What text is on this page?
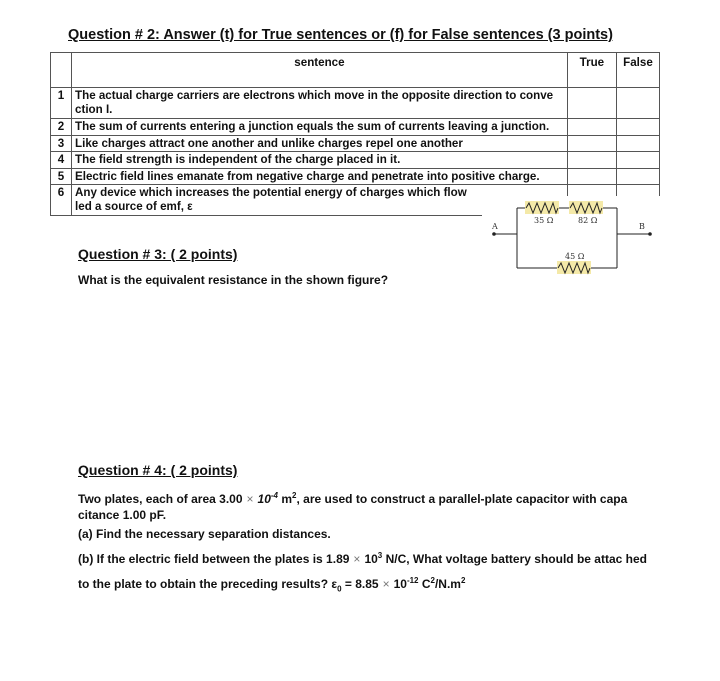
Question # 2: Answer (t) for True sentences or (f) for False sentences (3 points)
	sentence	True	False
1	The actual charge carriers are electrons which move in the opposite direction to conve ction I.		
2	The sum of currents entering a junction equals the sum of currents leaving a junction.		
3	Like charges attract one another and unlike charges repel one another		
4	The field strength is independent of the charge placed in it.		
5	Electric field lines emanate from negative charge and penetrate into positive charge.		
6	Any device which increases the potential energy of charges which flow led a source of emf, ε		
35 Ω	82 Ω
45 Ω
A	B
Question # 3: ( 2 points)
What is the equivalent resistance in the shown figure?
Question # 4: ( 2 points)

Two plates, each of area $3.00 \times 10^{-4}$ $m^2$, are used to construct a parallel-plate capacitor with capa citance 1.00 pF.

(a) Find the necessary separation distances.

(b) If the electric field between the plates is $1.89 \times 10^3$ N/C, What voltage battery should be attac hed to the plate to obtain the preceding results? $\varepsilon_0 = 8.85 \times 10^{-12}$ $C^2/N.m^2$
